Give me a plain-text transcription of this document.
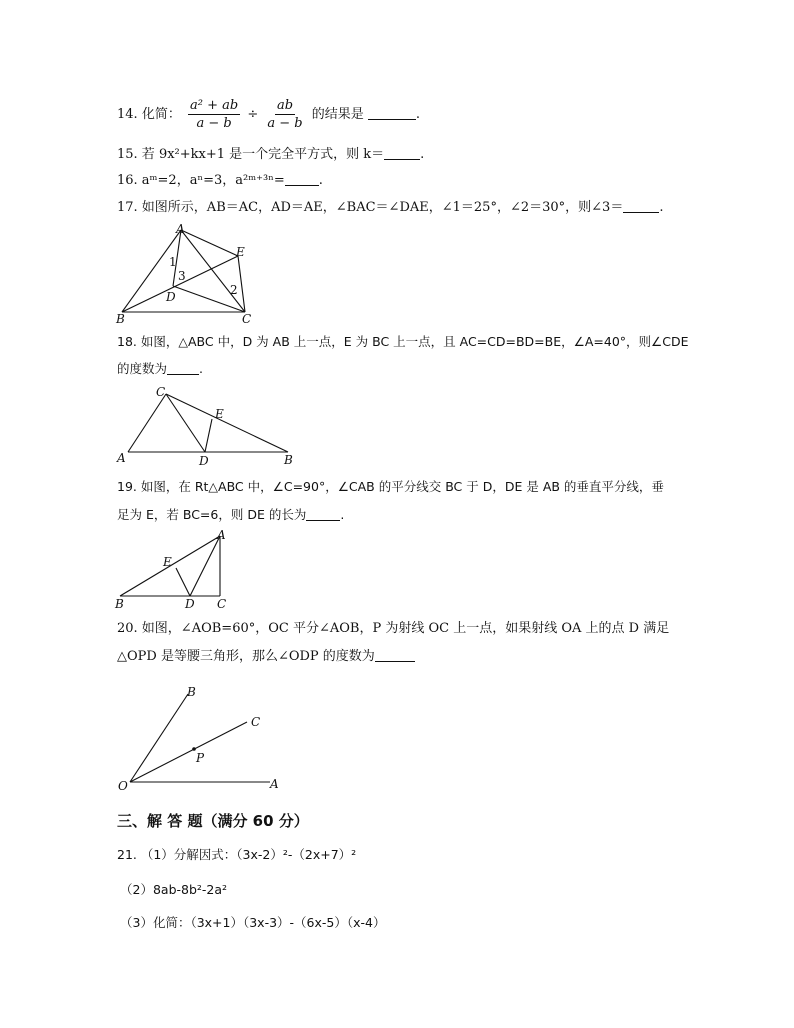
14. 化简： $\frac{\text{a² + ab}}{a - b} \div \frac{ab}{a - b}$ 的结果是	.
15. 若 9x²+kx+1 是一个完全平方式，则 k＝	.
16. aᵐ=2，aⁿ=3，a²ᵐ⁺³ⁿ=	.
17. 如图所示，AB＝AC，AD＝AE，∠BAC＝∠DAE，∠1＝25°，∠2＝30°，则∠3＝	.
A
B	C
D
E
1
2
3
18. 如图，△ABC 中，D 为 AB 上一点，E 为 BC 上一点，且 AC=CD=BD=BE，∠A=40°，则∠CDE
的度数为	.
A	B
C
D
E
19. 如图，在 Rt△ABC 中，∠C=90°，∠CAB 的平分线交 BC 于 D，DE 是 AB 的垂直平分线，垂
足为 E，若 BC=6，则 DE 的长为	.
B	C
D
E
A
20. 如图，∠AOB=60°，OC 平分∠AOB，P 为射线 OC 上一点，如果射线 OA 上的点 D 满足
△OPD 是等腰三角形，那么∠ODP 的度数为
O	A
B
C
P
三、解 答 题（满分 60 分）
21. （1）分解因式：（3x-2）²-（2x+7）²
（2）8ab-8b²-2a²
（3）化简：（3x+1）（3x-3）-（6x-5）（x-4）
